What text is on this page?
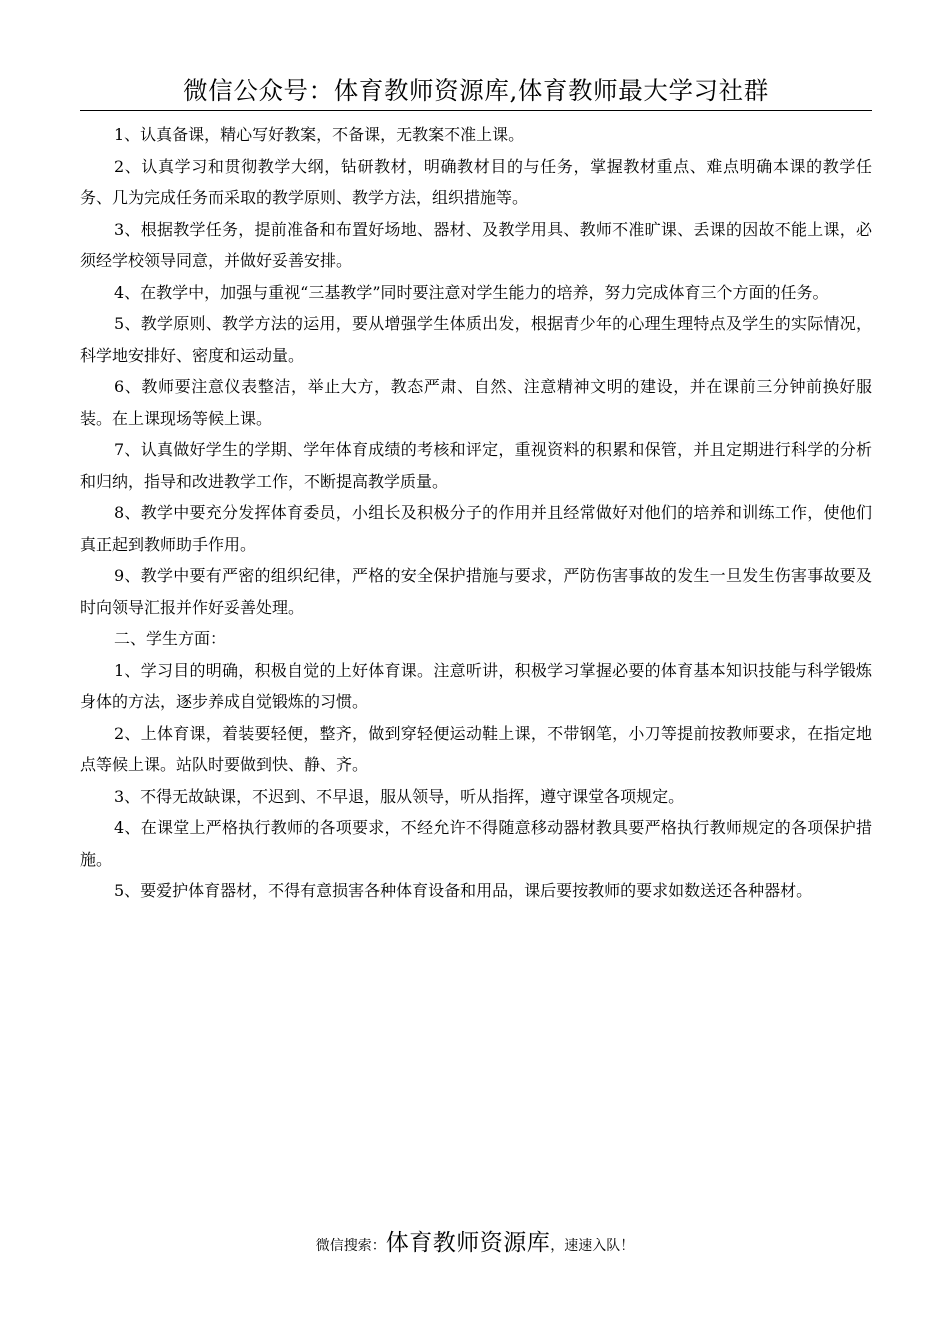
微信公众号：体育教师资源库,体育教师最大学习社群

1、认真备课，精心写好教案，不备课，无教案不准上课。

2、认真学习和贯彻教学大纲，钻研教材，明确教材目的与任务，掌握教材重点、难点明确本课的教学任务、几为完成任务而采取的教学原则、教学方法，组织措施等。

3、根据教学任务，提前准备和布置好场地、器材、及教学用具、教师不准旷课、丢课的因故不能上课，必须经学校领导同意，并做好妥善安排。

4、在教学中，加强与重视“三基教学”同时要注意对学生能力的培养，努力完成体育三个方面的任务。

5、教学原则、教学方法的运用，要从增强学生体质出发，根据青少年的心理生理特点及学生的实际情况，科学地安排好、密度和运动量。

6、教师要注意仪表整洁，举止大方，教态严肃、自然、注意精神文明的建设，并在课前三分钟前换好服装。在上课现场等候上课。

7、认真做好学生的学期、学年体育成绩的考核和评定，重视资料的积累和保管，并且定期进行科学的分析和归纳，指导和改进教学工作，不断提高教学质量。

8、教学中要充分发挥体育委员，小组长及积极分子的作用并且经常做好对他们的培养和训练工作，使他们真正起到教师助手作用。

9、教学中要有严密的组织纪律，严格的安全保护措施与要求，严防伤害事故的发生一旦发生伤害事故要及时向领导汇报并作好妥善处理。

二、学生方面：

1、学习目的明确，积极自觉的上好体育课。注意听讲，积极学习掌握必要的体育基本知识技能与科学锻炼身体的方法，逐步养成自觉锻炼的习惯。

2、上体育课，着装要轻便，整齐，做到穿轻便运动鞋上课，不带钢笔，小刀等提前按教师要求，在指定地点等候上课。站队时要做到快、静、齐。

3、不得无故缺课，不迟到、不早退，服从领导，听从指挥，遵守课堂各项规定。

4、在课堂上严格执行教师的各项要求，不经允许不得随意移动器材教具要严格执行教师规定的各项保护措施。

5、要爱护体育器材，不得有意损害各种体育设备和用品，课后要按教师的要求如数送还各种器材。

微信搜索：体育教师资源库，速速入队！
